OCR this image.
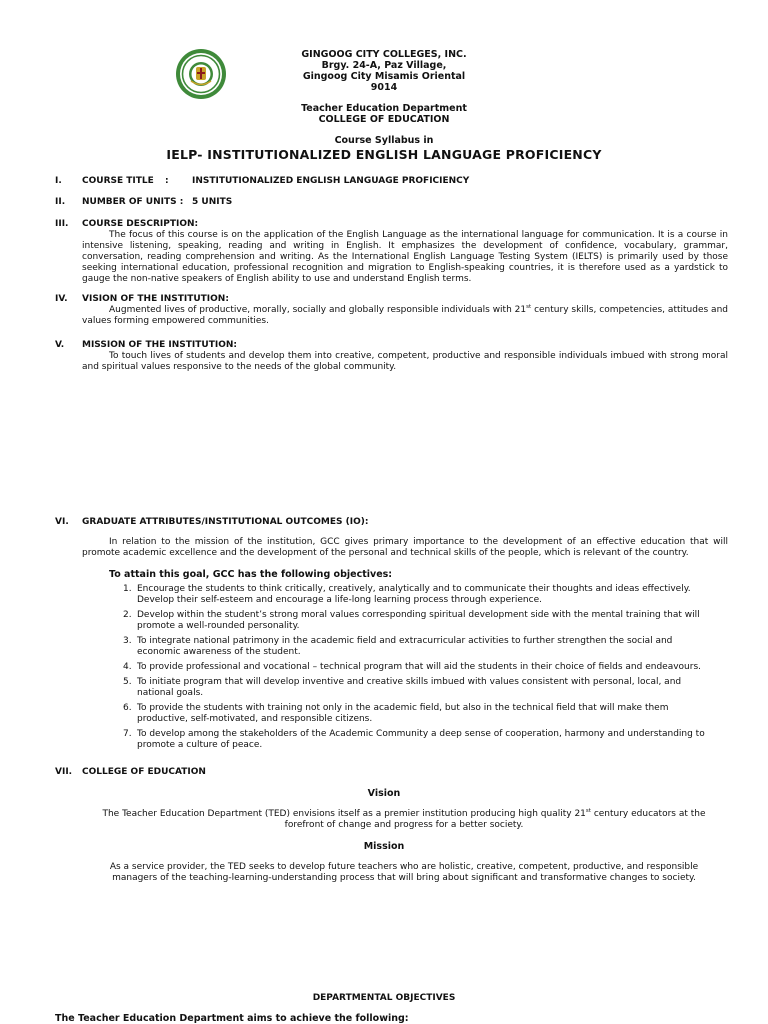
GINGOOG CITY COLLEGES, INC.
Brgy. 24-A, Paz Village,
Gingoog City Misamis Oriental
9014
Teacher Education Department
COLLEGE OF EDUCATION
Course Syllabus in
IELP- INSTITUTIONALIZED ENGLISH LANGUAGE PROFICIENCY
I.	COURSE TITLE :	INSTITUTIONALIZED ENGLISH LANGUAGE PROFICIENCY
II.	NUMBER OF UNITS : 5 UNITS
III.	COURSE DESCRIPTION:
The focus of this course is on the application of the English Language as the international language for communication. It is a course in intensive listening, speaking, reading and writing in English. It emphasizes the development of confidence, vocabulary, grammar, conversation, reading comprehension and writing. As the International English Language Testing System (IELTS) is primarily used by those seeking international education, professional recognition and migration to English-speaking countries, it is therefore used as a yardstick to gauge the non-native speakers of English ability to use and understand English terms.
IV.	VISION OF THE INSTITUTION:
Augmented lives of productive, morally, socially and globally responsible individuals with 21st century skills, competencies, attitudes and values forming empowered communities.
V.	MISSION OF THE INSTITUTION:
To touch lives of students and develop them into creative, competent, productive and responsible individuals imbued with strong moral and spiritual values responsive to the needs of the global community.
VI.	GRADUATE ATTRIBUTES/INSTITUTIONAL OUTCOMES (IO):
In relation to the mission of the institution, GCC gives primary importance to the development of an effective education that will promote academic excellence and the development of the personal and technical skills of the people, which is relevant of the country.
To attain this goal, GCC has the following objectives:
1. Encourage the students to think critically, creatively, analytically and to communicate their thoughts and ideas effectively. Develop their self-esteem and encourage a life-long learning process through experience.
2. Develop within the student’s strong moral values corresponding spiritual development side with the mental training that will promote a well-rounded personality.
3. To integrate national patrimony in the academic field and extracurricular activities to further strengthen the social and economic awareness of the student.
4. To provide professional and vocational – technical program that will aid the students in their choice of fields and endeavours.
5. To initiate program that will develop inventive and creative skills imbued with values consistent with personal, local, and national goals.
6. To provide the students with training not only in the academic field, but also in the technical field that will make them productive, self-motivated, and responsible citizens.
7. To develop among the stakeholders of the Academic Community a deep sense of cooperation, harmony and understanding to promote a culture of peace.
VII.	COLLEGE OF EDUCATION
Vision
The Teacher Education Department (TED) envisions itself as a premier institution producing high quality 21st century educators at the forefront of change and progress for a better society.
Mission
As a service provider, the TED seeks to develop future teachers who are holistic, creative, competent, productive, and responsible managers of the teaching-learning-understanding process that will bring about significant and transformative changes to society.
DEPARTMENTAL OBJECTIVES
The Teacher Education Department aims to achieve the following:
